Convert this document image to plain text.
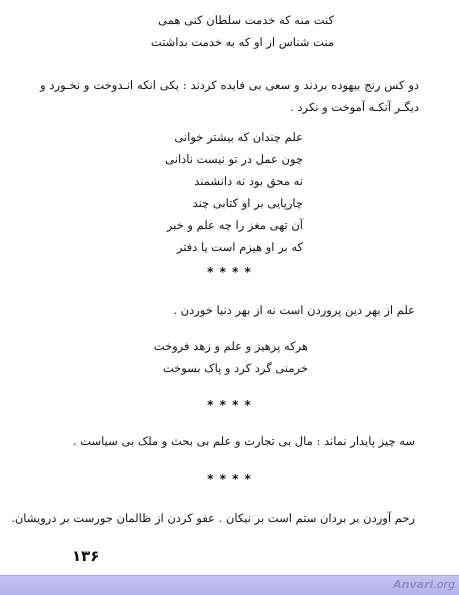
کنت منه که خدمت سلطان کنی همی
منت شناس از او که به خدمت بداشتت
دو کس رنج بیهوده بردند و سعی بی فایده کردند : یکی انکه انـدوخت و نخـورد و دیگـر آنکـه آموخت و نکرد .
علم چندان که بیشتر خوانی
چون عمل در تو نیست نادانی
نه محق بود نه دانشمند
چارپایی بر او کتابی چند
آن تهی مغز را چه علم و خبر
که بر او هیزم است یا دفتر
* * * *
علم از بهر دین پروردن است نه از بهر دنیا خوردن .
هرکه پرهیز و علم و زهد فروخت
خرمنی گرد کرد و پاک بسوخت
* * * *
سه چیز پایدار نماند : مال بی تجارت و علم بی بحث و ملک بی سیاست .
* * * *
رحم آوردن بر بردان ستم است بر نیکان . عفو کردن از ظالمان جورست بر درویشان.
۱۳۶
Anvari.org
